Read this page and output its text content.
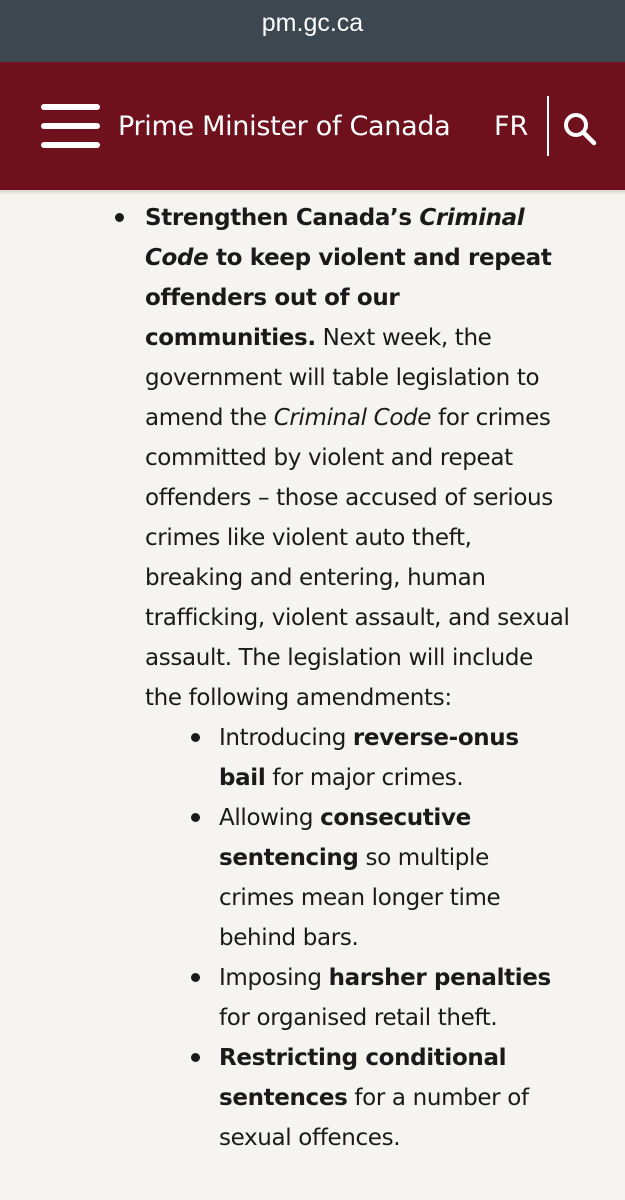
pm.gc.ca
Prime Minister of Canada FR
Strengthen Canada’s Criminal Code to keep violent and repeat offenders out of our communities. Next week, the government will table legislation to amend the Criminal Code for crimes committed by violent and repeat offenders – those accused of serious crimes like violent auto theft, breaking and entering, human trafficking, violent assault, and sexual assault. The legislation will include the following amendments:
Introducing reverse-onus bail for major crimes.
Allowing consecutive sentencing so multiple crimes mean longer time behind bars.
Imposing harsher penalties for organised retail theft.
Restricting conditional sentences for a number of sexual offences.
